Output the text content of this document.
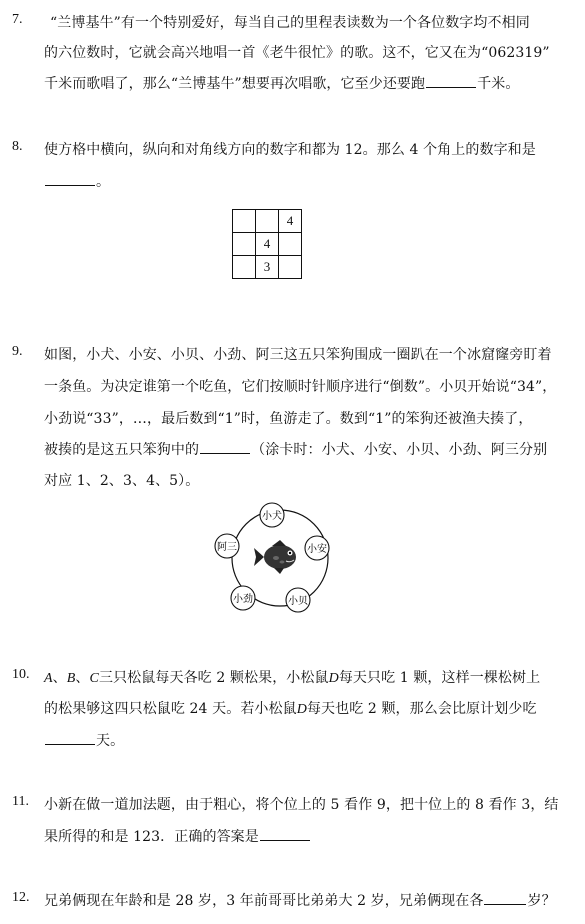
7. “兰博基牛”有一个特别爱好，每当自己的里程表读数为一个各位数字均不相同
的六位数时，它就会高兴地唱一首《老牛很忙》的歌。这不，它又在为“062319”
千米而歌唱了，那么“兰博基牛”想要再次唱歌，它至少还要跑	千米。
8. 使方格中横向，纵向和对角线方向的数字和都为 12。那么 4 个角上的数字和是
。
		4
	4	
	3	
9. 如图，小犬、小安、小贝、小劲、阿三这五只笨狗围成一圈趴在一个冰窟窿旁盯着
一条鱼。为决定谁第一个吃鱼，它们按顺时针顺序进行“倒数”。小贝开始说“34”，
小劲说“33”，…，最后数到“1”时，鱼游走了。数到“1”的笨狗还被渔夫揍了，
被揍的是这五只笨狗中的	（涂卡时：小犬、小安、小贝、小劲、阿三分别
对应 1、2、3、4、5）。
小犬
小安
小贝
小劲
阿三
10. A、B、C三只松鼠每天各吃 2 颗松果，小松鼠D每天只吃 1 颗，这样一棵松树上
的松果够这四只松鼠吃 24 天。若小松鼠D每天也吃 2 颗，那么会比原计划少吃
天。
11. 小新在做一道加法题，由于粗心，将个位上的 5 看作 9，把十位上的 8 看作 3，结
果所得的和是 123．正确的答案是
12. 兄弟俩现在年龄和是 28 岁，3 年前哥哥比弟弟大 2 岁，兄弟俩现在各	岁？
